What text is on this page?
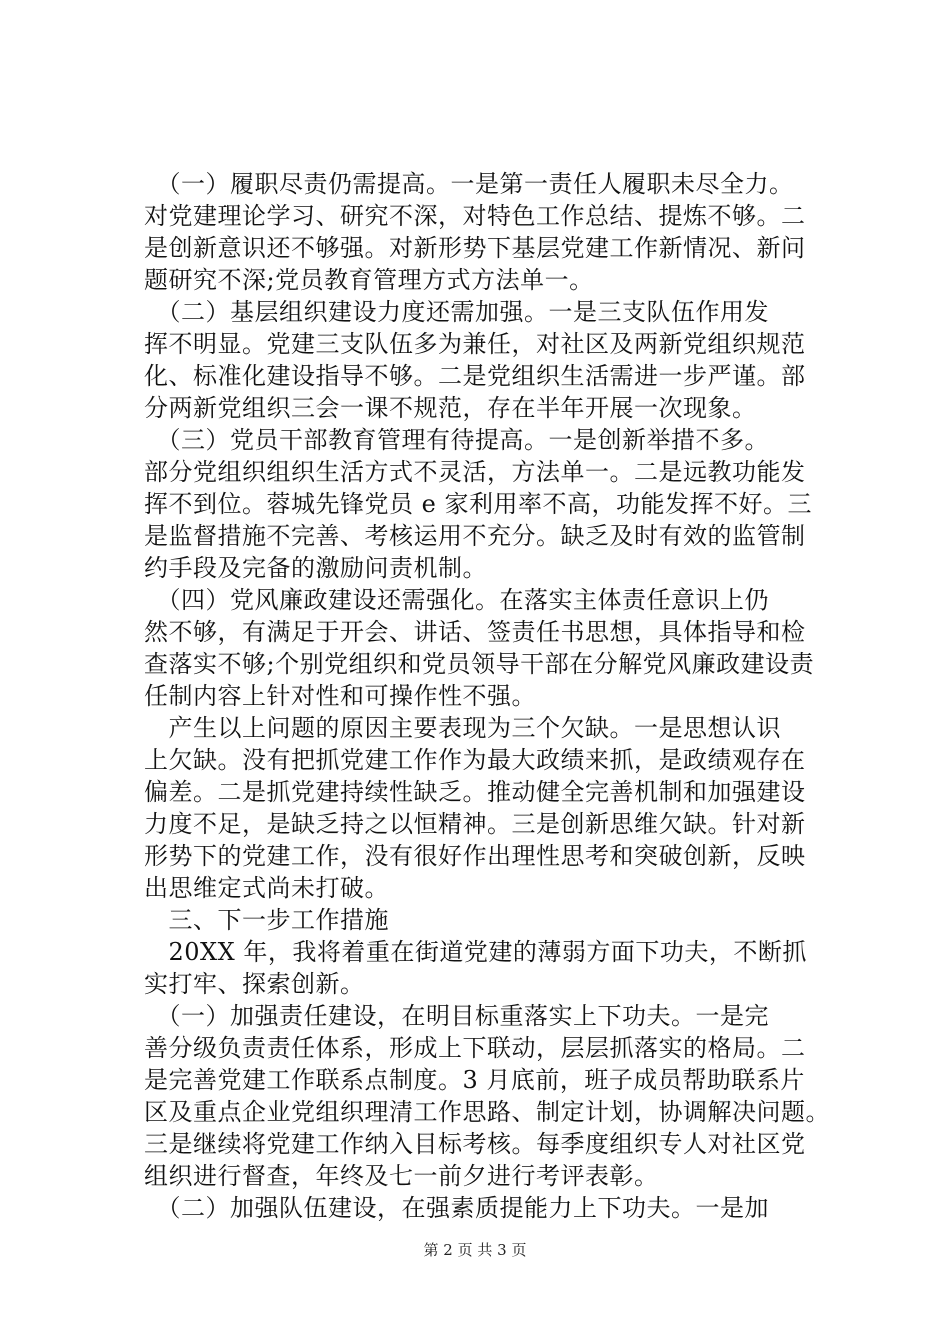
　（一）履职尽责仍需提高。一是第一责任人履职未尽全力。
对党建理论学习、研究不深，对特色工作总结、提炼不够。二
是创新意识还不够强。对新形势下基层党建工作新情况、新问
题研究不深;党员教育管理方式方法单一。
　（二）基层组织建设力度还需加强。一是三支队伍作用发
挥不明显。党建三支队伍多为兼任，对社区及两新党组织规范
化、标准化建设指导不够。二是党组织生活需进一步严谨。部
分两新党组织三会一课不规范，存在半年开展一次现象。
　（三）党员干部教育管理有待提高。一是创新举措不多。
部分党组织组织生活方式不灵活，方法单一。二是远教功能发
挥不到位。蓉城先锋党员 e 家利用率不高，功能发挥不好。三
是监督措施不完善、考核运用不充分。缺乏及时有效的监管制
约手段及完备的激励问责机制。
　（四）党风廉政建设还需强化。在落实主体责任意识上仍
然不够，有满足于开会、讲话、签责任书思想，具体指导和检
查落实不够;个别党组织和党员领导干部在分解党风廉政建设责
任制内容上针对性和可操作性不强。
　产生以上问题的原因主要表现为三个欠缺。一是思想认识
上欠缺。没有把抓党建工作作为最大政绩来抓，是政绩观存在
偏差。二是抓党建持续性缺乏。推动健全完善机制和加强建设
力度不足，是缺乏持之以恒精神。三是创新思维欠缺。针对新
形势下的党建工作，没有很好作出理性思考和突破创新，反映
出思维定式尚未打破。
　三、下一步工作措施
　20XX 年，我将着重在街道党建的薄弱方面下功夫，不断抓
实打牢、探索创新。
　（一）加强责任建设，在明目标重落实上下功夫。一是完
善分级负责责任体系，形成上下联动，层层抓落实的格局。二
是完善党建工作联系点制度。3 月底前，班子成员帮助联系片
区及重点企业党组织理清工作思路、制定计划，协调解决问题。
三是继续将党建工作纳入目标考核。每季度组织专人对社区党
组织进行督查，年终及七一前夕进行考评表彰。
　（二）加强队伍建设，在强素质提能力上下功夫。一是加
第 2 页 共 3 页
